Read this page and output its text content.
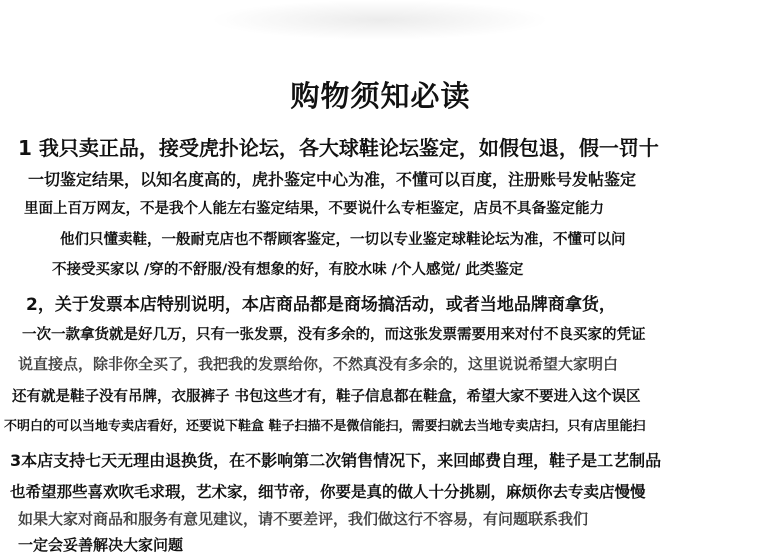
购物须知必读
1 我只卖正品，接受虎扑论坛，各大球鞋论坛鉴定，如假包退，假一罚十
一切鉴定结果，以知名度高的，虎扑鉴定中心为准，不懂可以百度，注册账号发帖鉴定
里面上百万网友，不是我个人能左右鉴定结果，不要说什么专柜鉴定，店员不具备鉴定能力
他们只懂卖鞋，一般耐克店也不帮顾客鉴定，一切以专业鉴定球鞋论坛为准，不懂可以问
不接受买家以 /穿的不舒服/没有想象的好，有胶水味 /个人感觉/ 此类鉴定
2，关于发票本店特别说明，本店商品都是商场搞活动，或者当地品牌商拿货，
一次一款拿货就是好几万，只有一张发票，没有多余的，而这张发票需要用来对付不良买家的凭证
说直接点，除非你全买了，我把我的发票给你，不然真没有多余的，这里说说希望大家明白
还有就是鞋子没有吊牌，衣服裤子 书包这些才有，鞋子信息都在鞋盒，希望大家不要进入这个误区
不明白的可以当地专卖店看好，还要说下鞋盒 鞋子扫描不是微信能扫，需要扫就去当地专卖店扫，只有店里能扫
3本店支持七天无理由退换货，在不影响第二次销售情况下，来回邮费自理，鞋子是工艺制品
也希望那些喜欢吹毛求瑕，艺术家，细节帝，你要是真的做人十分挑剔，麻烦你去专卖店慢慢
如果大家对商品和服务有意见建议，请不要差评，我们做这行不容易，有问题联系我们
一定会妥善解决大家问题
